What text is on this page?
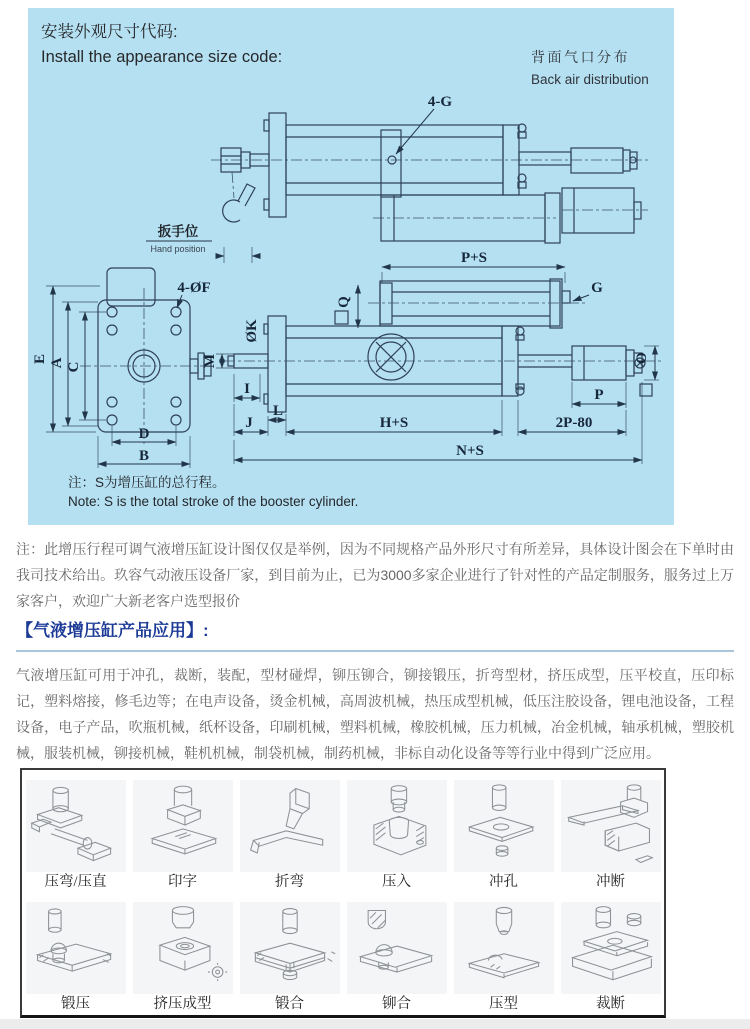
安装外观尺寸代码:
Install the appearance size code:	背面气口分布
Back air distribution
4-G
扳手位
Hand position
4-ØF
E A C
D
B
P+S
G
Q
M
ØK
I
O
P
J
L
H+S	2P-80
N+S
注：S为增压缸的总行程。
Note: S is the total stroke of the booster cylinder.
注：此增压行程可调气液增压缸设计图仅仅是举例，因为不同规格产品外形尺寸有所差异，具体设计图会在下单时由我司技术给出。玖容气动液压设备厂家，到目前为止，已为3000多家企业进行了针对性的产品定制服务，服务过上万家客户，欢迎广大新老客户选型报价
【气液增压缸产品应用】:
气液增压缸可用于冲孔，裁断，装配，型材碰焊，铆压铆合，铆接锻压，折弯型材，挤压成型，压平校直，压印标记，塑料熔接，修毛边等；在电声设备，烫金机械，高周波机械，热压成型机械，低压注胶设备，锂电池设备，工程设备，电子产品，吹瓶机械，纸杯设备，印刷机械，塑料机械，橡胶机械，压力机械，冶金机械，轴承机械，塑胶机械，服装机械，铆接机械，鞋机机械，制袋机械，制药机械，非标自动化设备等等行业中得到广泛应用。
压弯/压直	印字	折弯	压入	冲孔	冲断
锻压	挤压成型	锻合	铆合	压型	裁断
